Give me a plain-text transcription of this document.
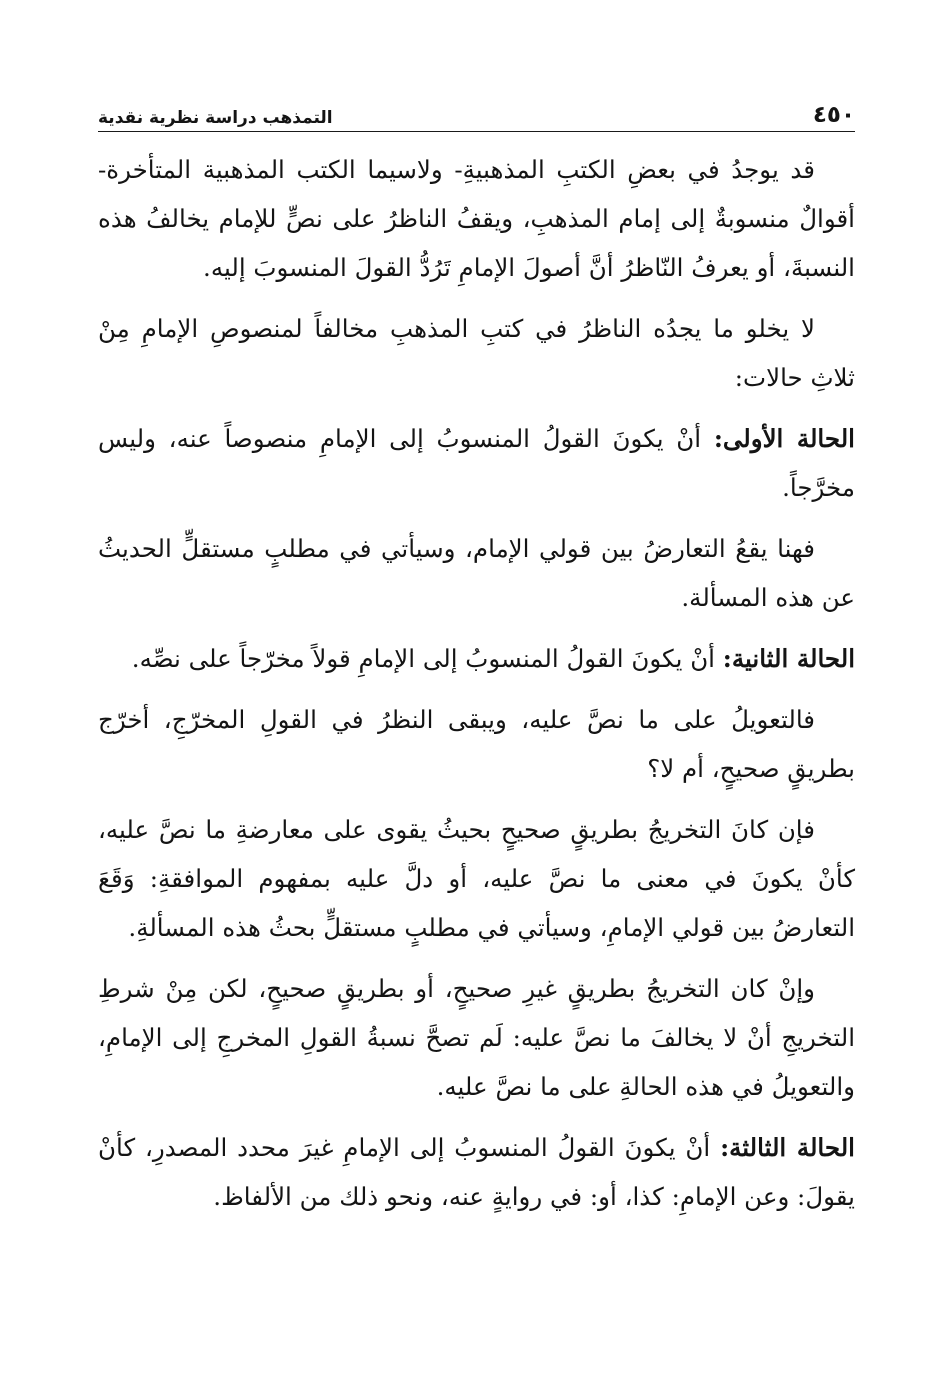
٤٥٠
التمذهب دراسة نظرية نقدية

قد يوجدُ في بعضِ الكتبِ المذهبيةِ- ولاسيما الكتب المذهبية المتأخرة- أقوالٌ منسوبةٌ إلى إمام المذهبِ، ويقفُ الناظرُ على نصٍّ للإمام يخالفُ هذه النسبةَ، أو يعرفُ النّاظرُ أنَّ أصولَ الإمامِ تَرُدُّ القولَ المنسوبَ إليه.

لا يخلو ما يجدُه الناظرُ في كتبِ المذهبِ مخالفاً لمنصوصِ الإمامِ مِنْ ثلاثِ حالات:

الحالة الأولى: أنْ يكونَ القولُ المنسوبُ إلى الإمامِ منصوصاً عنه، وليس مخرَّجاً.

فهنا يقعُ التعارضُ بين قولي الإمام، وسيأتي في مطلبٍ مستقلٍّ الحديثُ عن هذه المسألة.

الحالة الثانية: أنْ يكونَ القولُ المنسوبُ إلى الإمامِ قولاً مخرّجاً على نصِّه.

فالتعويلُ على ما نصَّ عليه، ويبقى النظرُ في القولِ المخرّجِ، أخرّج بطريقٍ صحيحٍ، أم لا؟

فإن كانَ التخريجُ بطريقٍ صحيحٍ بحيثُ يقوى على معارضةِ ما نصَّ عليه، كأنْ يكونَ في معنى ما نصَّ عليه، أو دلَّ عليه بمفهوم الموافقةِ: وَقَعَ التعارضُ بين قولي الإمامِ، وسيأتي في مطلبٍ مستقلٍّ بحثُ هذه المسألةِ.

وإنْ كان التخريجُ بطريقٍ غيرِ صحيحٍ، أو بطريقٍ صحيحٍ، لكن مِنْ شرطِ التخريجِ أنْ لا يخالفَ ما نصَّ عليه: لَم تصحَّ نسبةُ القولِ المخرجِ إلى الإمامِ، والتعويلُ في هذه الحالةِ على ما نصَّ عليه.

الحالة الثالثة: أنْ يكونَ القولُ المنسوبُ إلى الإمامِ غيرَ محدد المصدرِ، كأنْ يقولَ: وعن الإمامِ: كذا، أو: في روايةٍ عنه، ونحو ذلك من الألفاظ.
